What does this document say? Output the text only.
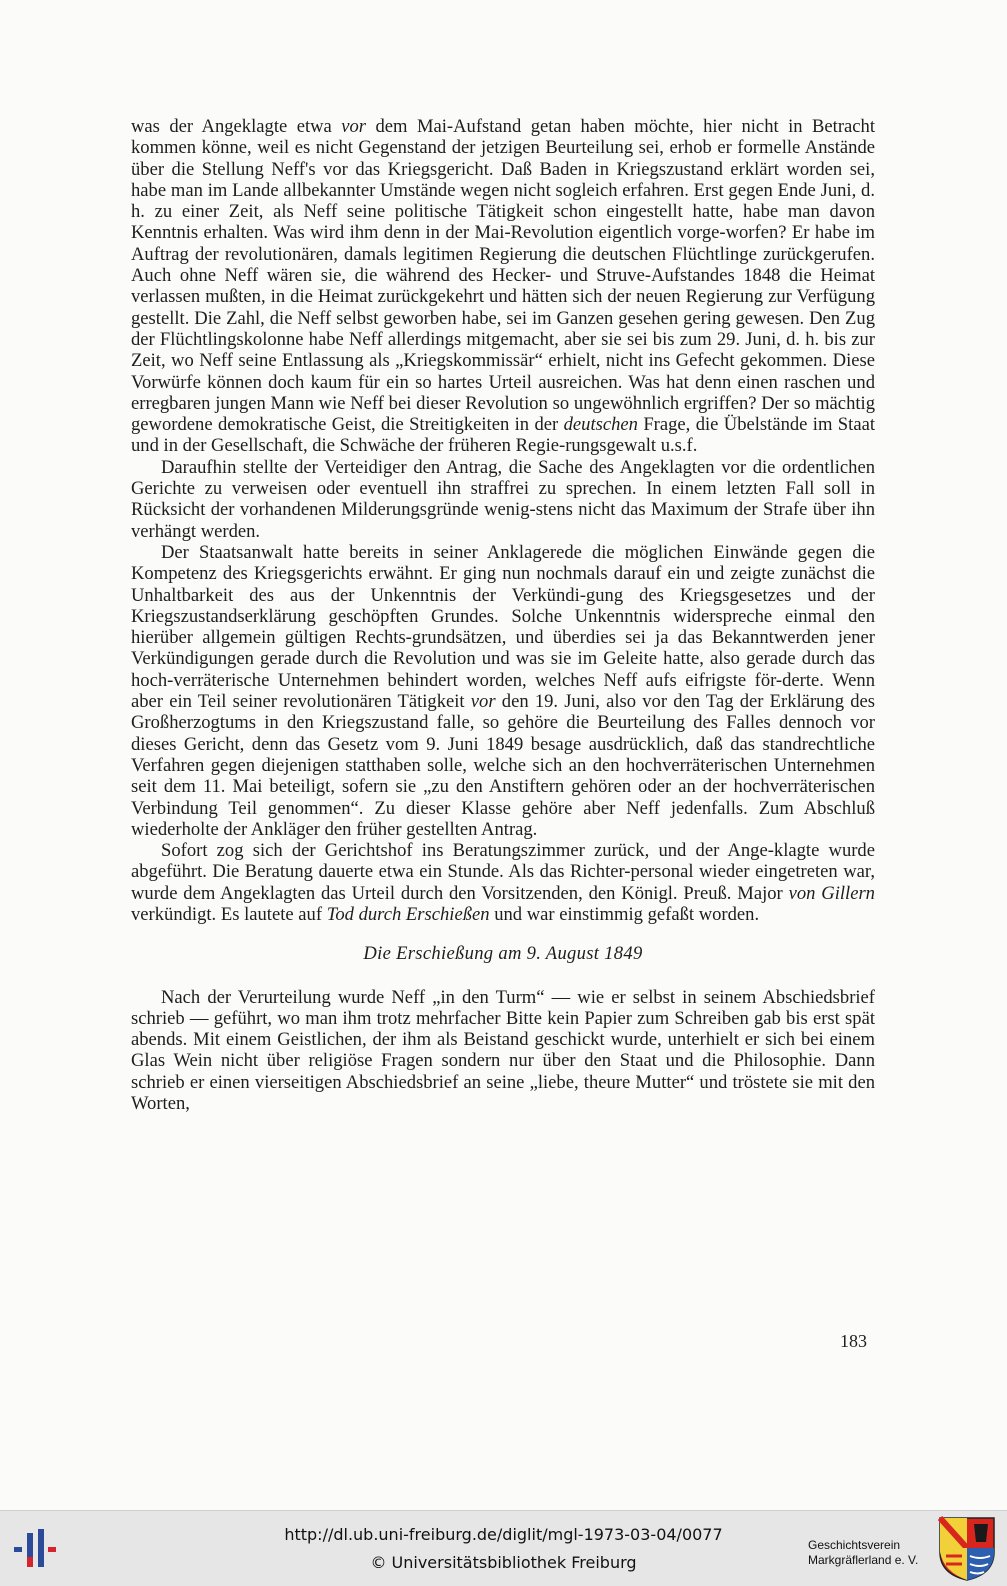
was der Angeklagte etwa vor dem Mai-Aufstand getan haben möchte, hier nicht in Betracht kommen könne, weil es nicht Gegenstand der jetzigen Beurteilung sei, erhob er formelle Anstände über die Stellung Neff's vor das Kriegsgericht. Daß Baden in Kriegszustand erklärt worden sei, habe man im Lande allbekannter Umstände wegen nicht sogleich erfahren. Erst gegen Ende Juni, d. h. zu einer Zeit, als Neff seine politische Tätigkeit schon eingestellt hatte, habe man davon Kenntnis erhalten. Was wird ihm denn in der Mai-Revolution eigentlich vorge-worfen? Er habe im Auftrag der revolutionären, damals legitimen Regierung die deutschen Flüchtlinge zurückgerufen. Auch ohne Neff wären sie, die während des Hecker- und Struve-Aufstandes 1848 die Heimat verlassen mußten, in die Heimat zurückgekehrt und hätten sich der neuen Regierung zur Verfügung gestellt. Die Zahl, die Neff selbst geworben habe, sei im Ganzen gesehen gering gewesen. Den Zug der Flüchtlingskolonne habe Neff allerdings mitgemacht, aber sie sei bis zum 29. Juni, d. h. bis zur Zeit, wo Neff seine Entlassung als „Kriegskommissär“ erhielt, nicht ins Gefecht gekommen. Diese Vorwürfe können doch kaum für ein so hartes Urteil ausreichen. Was hat denn einen raschen und erregbaren jungen Mann wie Neff bei dieser Revolution so ungewöhnlich ergriffen? Der so mächtig gewordene demokratische Geist, die Streitigkeiten in der deutschen Frage, die Übelstände im Staat und in der Gesellschaft, die Schwäche der früheren Regie-rungsgewalt u.s.f.

Daraufhin stellte der Verteidiger den Antrag, die Sache des Angeklagten vor die ordentlichen Gerichte zu verweisen oder eventuell ihn straffrei zu sprechen. In einem letzten Fall soll in Rücksicht der vorhandenen Milderungsgründe wenig-stens nicht das Maximum der Strafe über ihn verhängt werden.

Der Staatsanwalt hatte bereits in seiner Anklagerede die möglichen Einwände gegen die Kompetenz des Kriegsgerichts erwähnt. Er ging nun nochmals darauf ein und zeigte zunächst die Unhaltbarkeit des aus der Unkenntnis der Verkündi-gung des Kriegsgesetzes und der Kriegszustandserklärung geschöpften Grundes. Solche Unkenntnis widerspreche einmal den hierüber allgemein gültigen Rechts-grundsätzen, und überdies sei ja das Bekanntwerden jener Verkündigungen gerade durch die Revolution und was sie im Geleite hatte, also gerade durch das hoch-verräterische Unternehmen behindert worden, welches Neff aufs eifrigste för-derte. Wenn aber ein Teil seiner revolutionären Tätigkeit vor den 19. Juni, also vor den Tag der Erklärung des Großherzogtums in den Kriegszustand falle, so gehöre die Beurteilung des Falles dennoch vor dieses Gericht, denn das Gesetz vom 9. Juni 1849 besage ausdrücklich, daß das standrechtliche Verfahren gegen diejenigen statthaben solle, welche sich an den hochverräterischen Unternehmen seit dem 11. Mai beteiligt, sofern sie „zu den Anstiftern gehören oder an der hochverräterischen Verbindung Teil genommen“. Zu dieser Klasse gehöre aber Neff jedenfalls. Zum Abschluß wiederholte der Ankläger den früher gestellten Antrag.

Sofort zog sich der Gerichtshof ins Beratungszimmer zurück, und der Ange-klagte wurde abgeführt. Die Beratung dauerte etwa ein Stunde. Als das Richter-personal wieder eingetreten war, wurde dem Angeklagten das Urteil durch den Vorsitzenden, den Königl. Preuß. Major von Gillern verkündigt. Es lautete auf Tod durch Erschießen und war einstimmig gefaßt worden.

Die Erschießung am 9. August 1849

Nach der Verurteilung wurde Neff „in den Turm“ — wie er selbst in seinem Abschiedsbrief schrieb — geführt, wo man ihm trotz mehrfacher Bitte kein Papier zum Schreiben gab bis erst spät abends. Mit einem Geistlichen, der ihm als Beistand geschickt wurde, unterhielt er sich bei einem Glas Wein nicht über religiöse Fragen sondern nur über den Staat und die Philosophie. Dann schrieb er einen vierseitigen Abschiedsbrief an seine „liebe, theure Mutter“ und tröstete sie mit den Worten,

183
http://dl.ub.uni-freiburg.de/diglit/mgl-1973-03-04/0077
© Universitätsbibliothek Freiburg
Geschichtsverein
Markgräflerland e. V.
